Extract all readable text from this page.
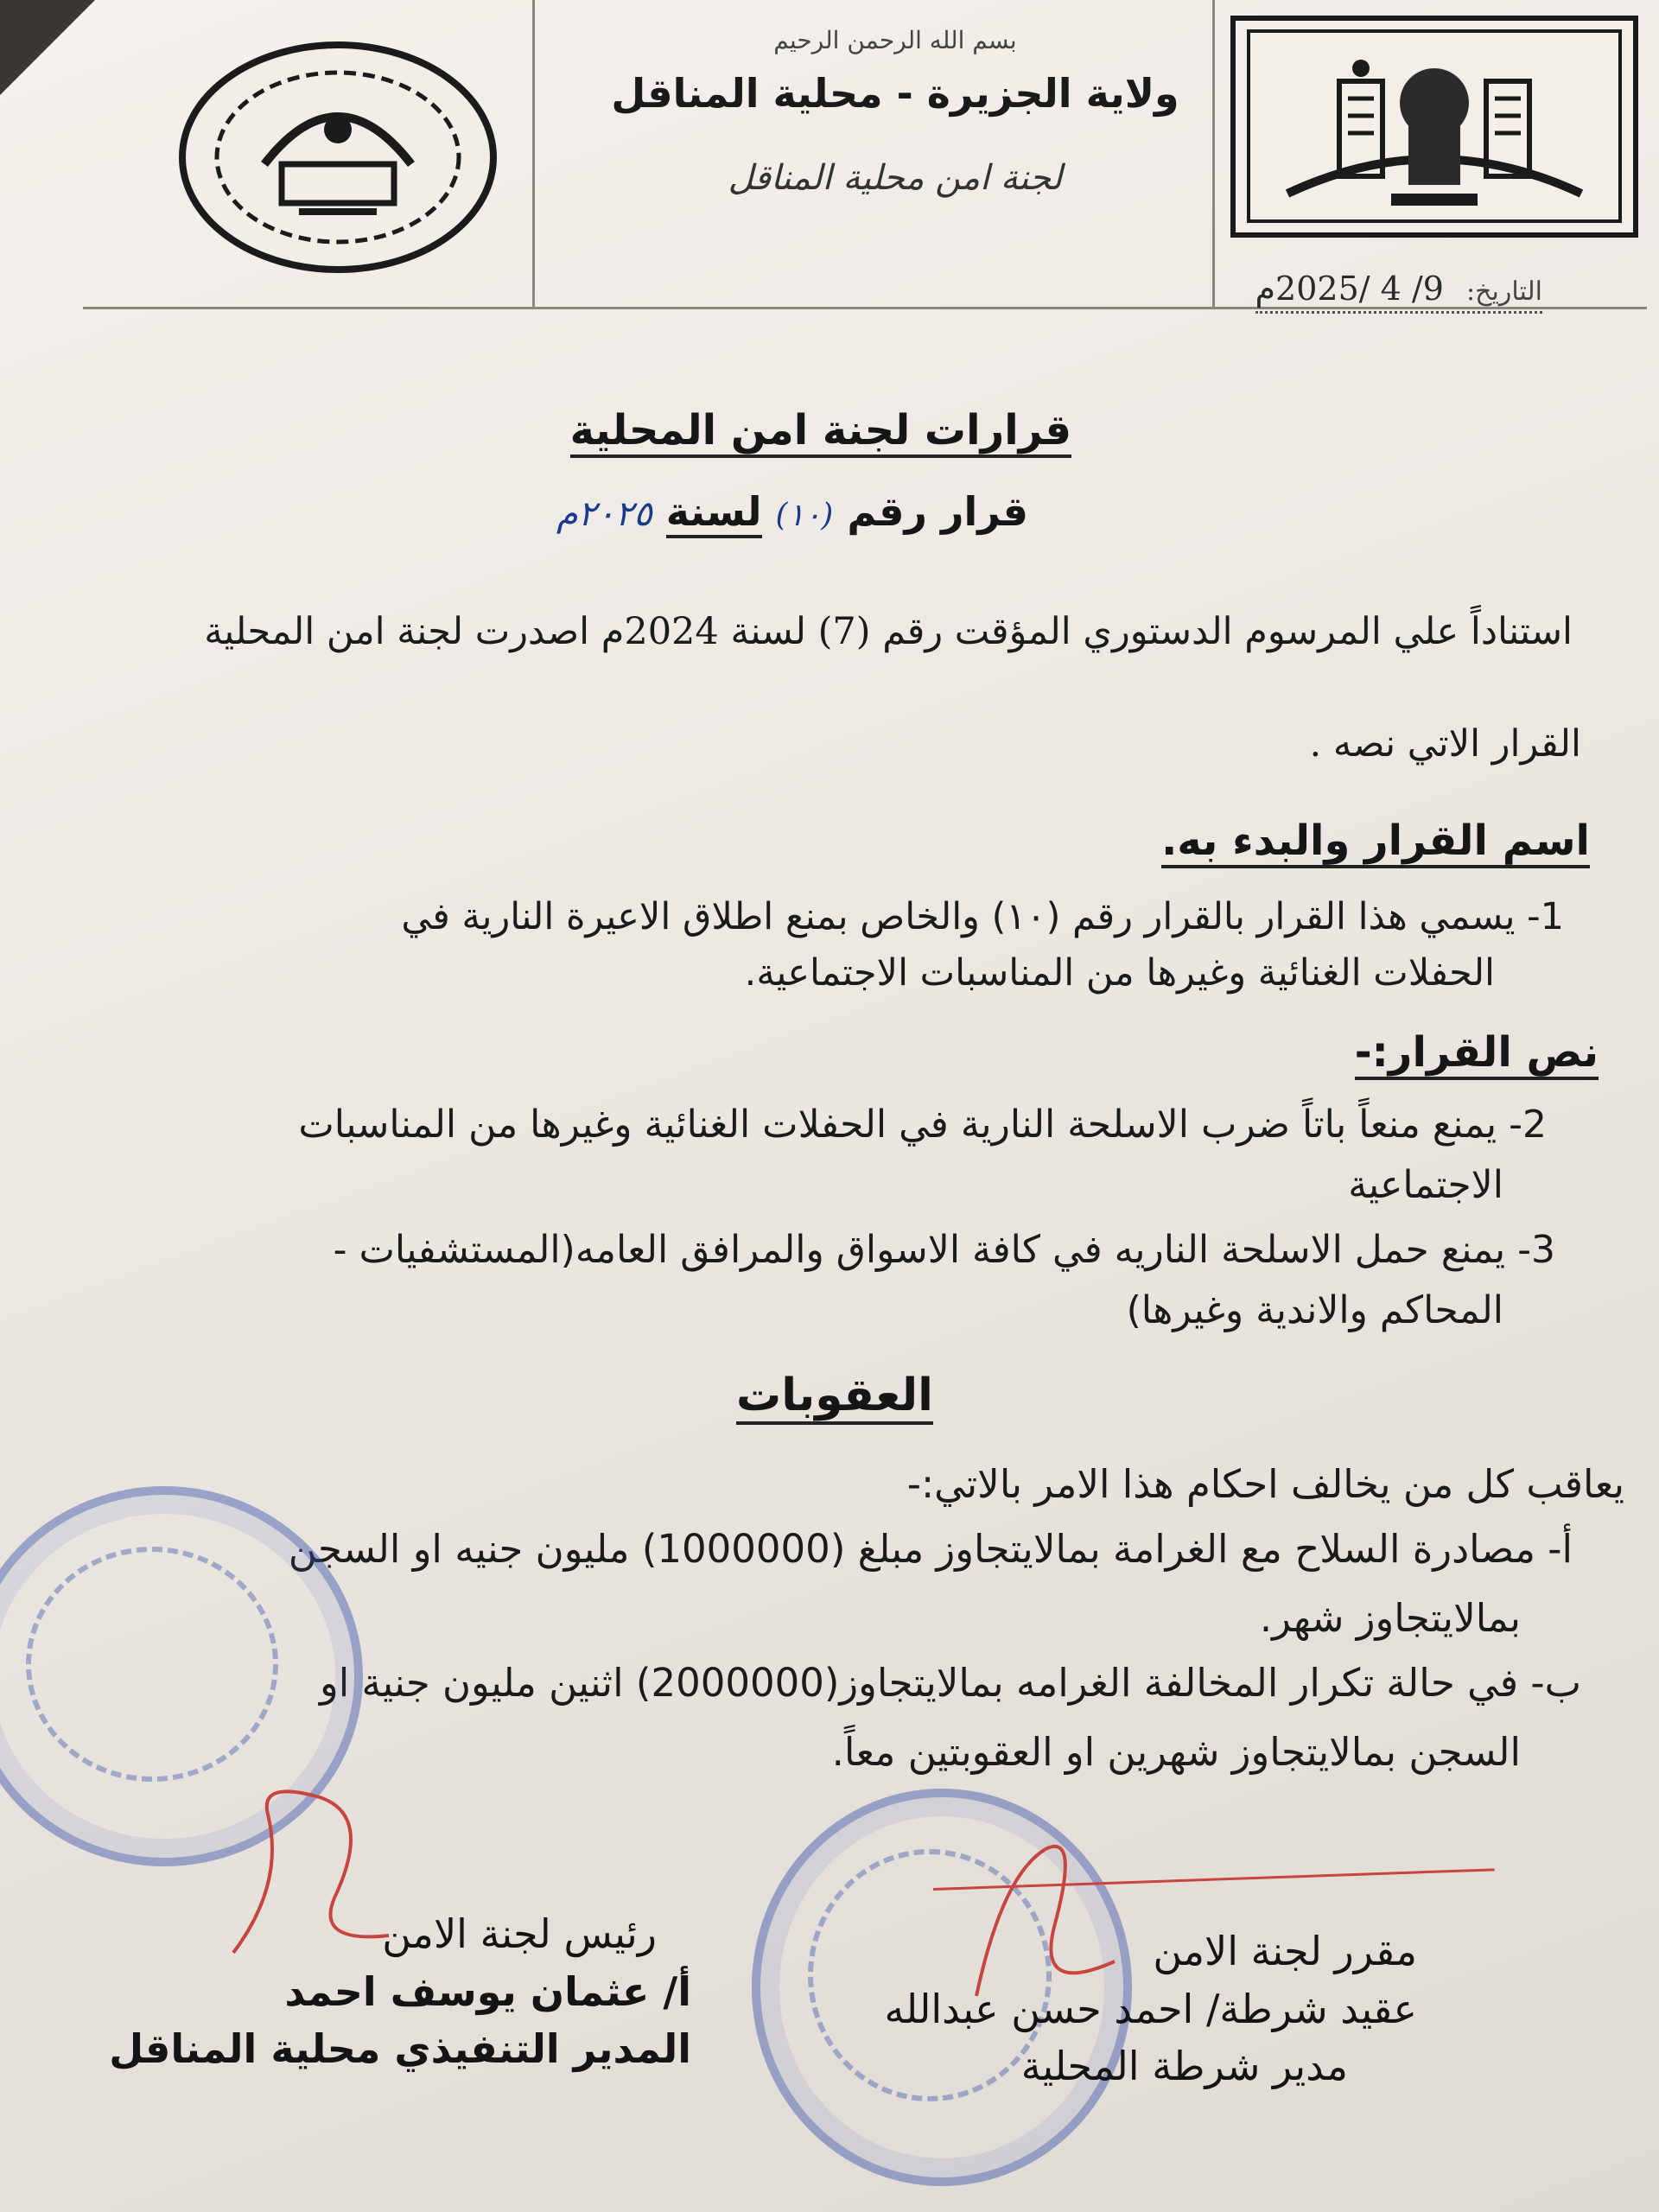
بسم الله الرحمن الرحيم
ولاية الجزيرة - محلية المناقل
لجنة امن محلية المناقل
التاريخ: 9/ 4 /2025م
قرارات لجنة امن المحلية
قرار رقم (١٠) لسنة ٢٠٢٥م
استناداً علي المرسوم الدستوري المؤقت رقم (7) لسنة 2024م اصدرت لجنة امن المحلية
القرار الاتي نصه .
اسم القرار والبدء به.
1- يسمي هذا القرار بالقرار رقم (١٠) والخاص بمنع اطلاق الاعيرة النارية في
الحفلات الغنائية وغيرها من المناسبات الاجتماعية.
نص القرار:-
2- يمنع منعاً باتاً ضرب الاسلحة النارية في الحفلات الغنائية وغيرها من المناسبات
الاجتماعية
3- يمنع حمل الاسلحة الناريه في كافة الاسواق والمرافق العامه(المستشفيات -
المحاكم والاندية وغيرها)
العقوبات
يعاقب كل من يخالف احكام هذا الامر بالاتي:-
أ- مصادرة السلاح مع الغرامة بمالايتجاوز مبلغ (1000000) مليون جنيه او السجن
بمالايتجاوز شهر.
ب- في حالة تكرار المخالفة الغرامه بمالايتجاوز(2000000) اثنين مليون جنية او
السجن بمالايتجاوز شهرين او العقوبتين معاً.
مقرر لجنة الامن
عقيد شرطة/ احمد حسن عبدالله
مدير شرطة المحلية
رئيس لجنة الامن
أ/ عثمان يوسف احمد
المدير التنفيذي محلية المناقل
